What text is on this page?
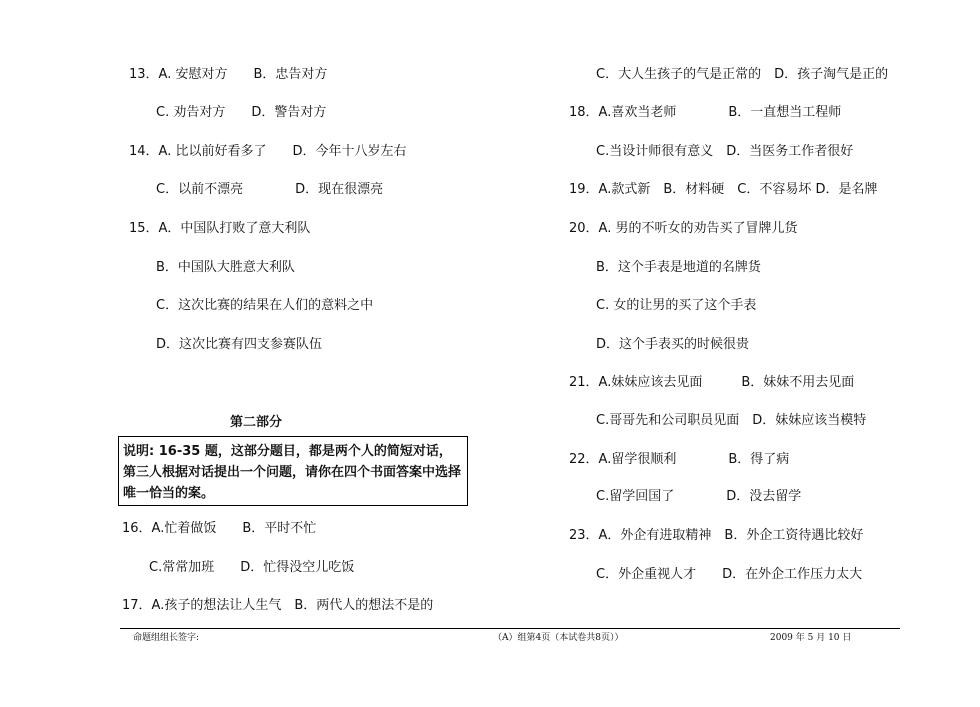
13．A. 安慰对方　　B．忠告对方
C. 劝告对方　　D．警告对方
14．A. 比以前好看多了　　D．今年十八岁左右
C．以前不漂亮　　　　D．现在很漂亮
15．A．中国队打败了意大利队
B．中国队大胜意大利队
C．这次比赛的结果在人们的意料之中
D．这次比赛有四支参赛队伍
第二部分
说明: 16-35 题，这部分题目，都是两个人的简短对话，第三人根据对话提出一个问题，请你在四个书面答案中选择唯一恰当的案。
16．A.忙着做饭　　B．平时不忙
C.常常加班　　D．忙得没空儿吃饭
17．A.孩子的想法让人生气　B．两代人的想法不是的
C．大人生孩子的气是正常的　D．孩子淘气是正的
18．A.喜欢当老师　　　　B．一直想当工程师
C.当设计师很有意义　D．当医务工作者很好
19．A.款式新　B．材料硬　C．不容易坏 D．是名牌
20．A. 男的不听女的劝告买了冒牌儿货
B．这个手表是地道的名牌货
C. 女的让男的买了这个手表
D．这个手表买的时候很贵
21．A.妹妹应该去见面　　　B．妹妹不用去见面
C.哥哥先和公司职员见面　D．妹妹应该当模特
22．A.留学很顺利　　　　B．得了病
C.留学回国了　　　　D．没去留学
23．A．外企有进取精神　B．外企工资待遇比较好
C．外企重视人才　　D．在外企工作压力太大
命题组组长签字:	（A）组第4页（本试卷共8页））	2009 年 5 月 10 日
